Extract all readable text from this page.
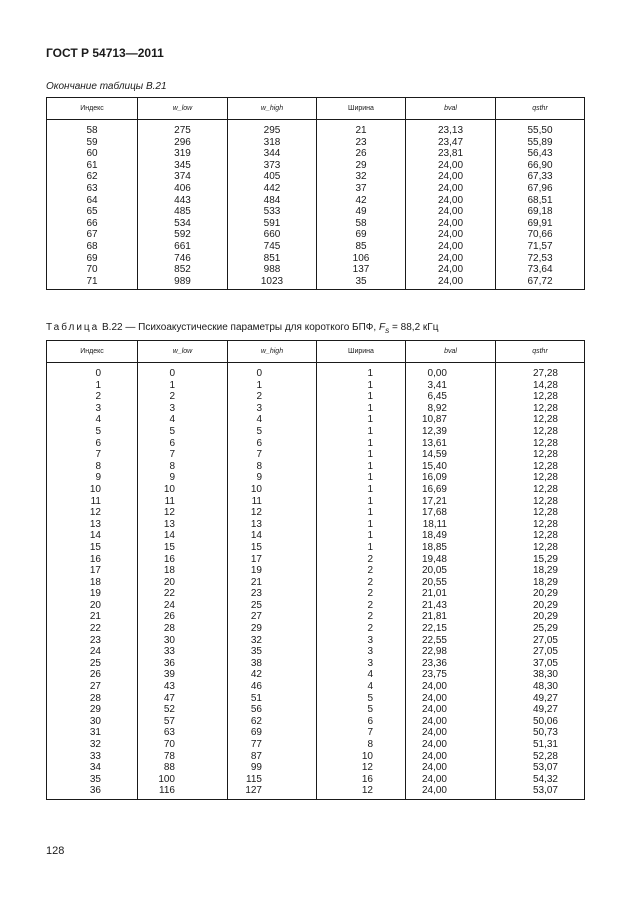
ГОСТ Р 54713—2011
Окончание таблицы В.21
Индекс	w_low	w_high	Ширина	bval	qsthr
58	275	295	21	23,13	55,50
59	296	318	23	23,47	55,89
60	319	344	26	23,81	56,43
61	345	373	29	24,00	66,90
62	374	405	32	24,00	67,33
63	406	442	37	24,00	67,96
64	443	484	42	24,00	68,51
65	485	533	49	24,00	69,18
66	534	591	58	24,00	69,91
67	592	660	69	24,00	70,66
68	661	745	85	24,00	71,57
69	746	851	106	24,00	72,53
70	852	988	137	24,00	73,64
71	989	1023	35	24,00	67,72
Таблица В.22 — Психоакустические параметры для короткого БПФ, $F_s = 88,2$ кГц
Индекс	w_low	w_high	Ширина	bval	qsthr
0	0	0	1	0,00	27,28
1	1	1	1	3,41	14,28
2	2	2	1	6,45	12,28
3	3	3	1	8,92	12,28
4	4	4	1	10,87	12,28
5	5	5	1	12,39	12,28
6	6	6	1	13,61	12,28
7	7	7	1	14,59	12,28
8	8	8	1	15,40	12,28
9	9	9	1	16,09	12,28
10	10	10	1	16,69	12,28
11	11	11	1	17,21	12,28
12	12	12	1	17,68	12,28
13	13	13	1	18,11	12,28
14	14	14	1	18,49	12,28
15	15	15	1	18,85	12,28
16	16	17	2	19,48	15,29
17	18	19	2	20,05	18,29
18	20	21	2	20,55	18,29
19	22	23	2	21,01	20,29
20	24	25	2	21,43	20,29
21	26	27	2	21,81	20,29
22	28	29	2	22,15	25,29
23	30	32	3	22,55	27,05
24	33	35	3	22,98	27,05
25	36	38	3	23,36	37,05
26	39	42	4	23,75	38,30
27	43	46	4	24,00	48,30
28	47	51	5	24,00	49,27
29	52	56	5	24,00	49,27
30	57	62	6	24,00	50,06
31	63	69	7	24,00	50,73
32	70	77	8	24,00	51,31
33	78	87	10	24,00	52,28
34	88	99	12	24,00	53,07
35	100	115	16	24,00	54,32
36	116	127	12	24,00	53,07
128
